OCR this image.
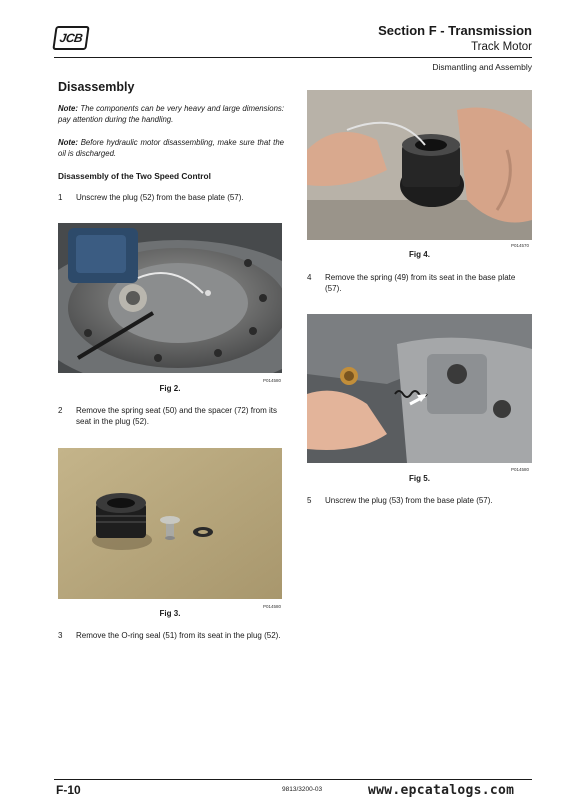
JCB	Section F - Transmission
Track Motor
Dismantling and Assembly
Disassembly
Note: The components can be very heavy and large dimensions: pay attention during the handling.
Note: Before hydraulic motor disassembling, make sure that the oil is discharged.
Disassembly of the Two Speed Control
1 Unscrew the plug (52) from the base plate (57).
Fig 2.
P014580
2 Remove the spring seat (50) and the spacer (72) from its seat in the plug (52).
Fig 3.
P014580
3 Remove the O-ring seal (51) from its seat in the plug (52).
Fig 4.
P014570
4 Remove the spring (49) from its seat in the base plate (57).
Fig 5.
P014580
5 Unscrew the plug (53) from the base plate (57).
F-10	9813/3200-03	www.epcatalogs.com
